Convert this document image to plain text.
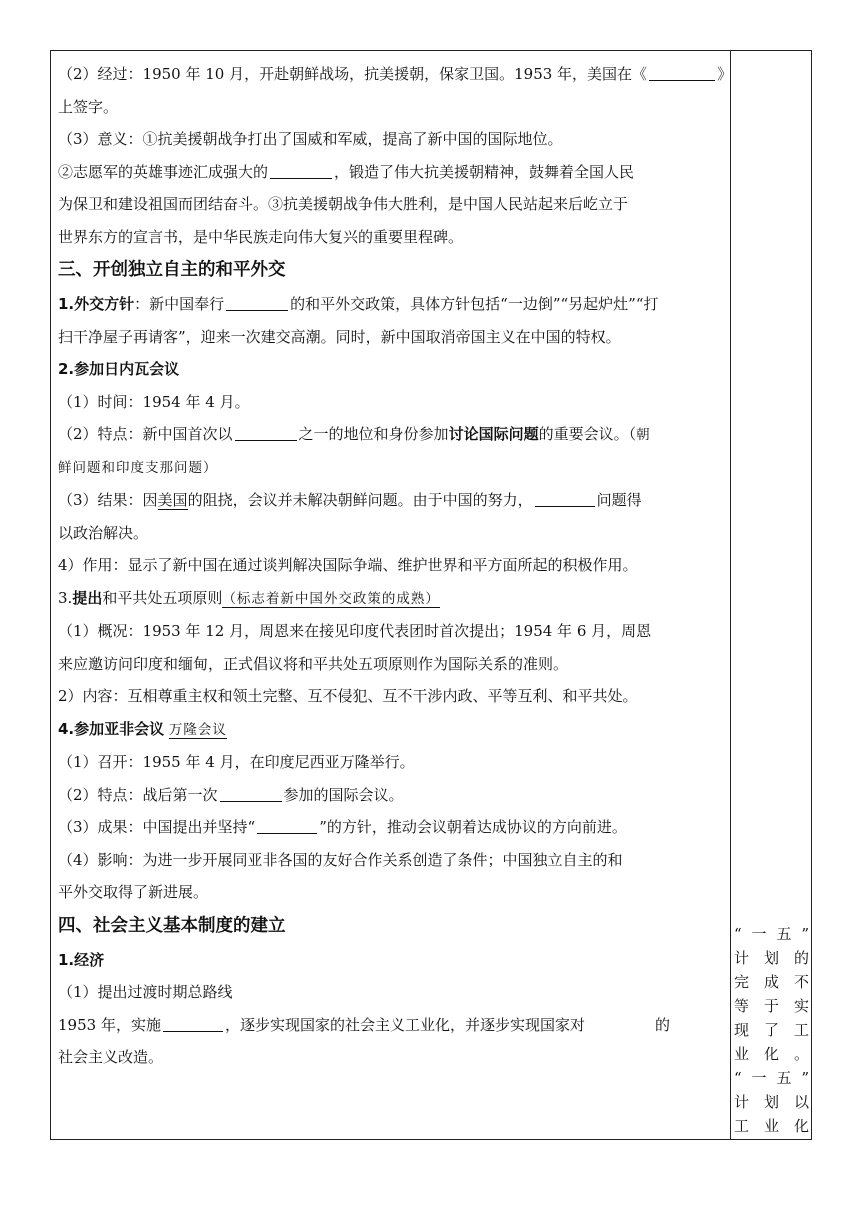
（2）经过：1950 年 10 月，开赴朝鲜战场，抗美援朝，保家卫国。1953 年，美国在《	》
上签字。
（3）意义：①抗美援朝战争打出了国威和军威，提高了新中国的国际地位。
②志愿军的英雄事迹汇成强大的	，锻造了伟大抗美援朝精神，鼓舞着全国人民
为保卫和建设祖国而团结奋斗。③抗美援朝战争伟大胜利，是中国人民站起来后屹立于
世界东方的宣言书，是中华民族走向伟大复兴的重要里程碑。
三、开创独立自主的和平外交
1.外交方针：新中国奉行	的和平外交政策，具体方针包括“一边倒”“另起炉灶”“打
扫干净屋子再请客”，迎来一次建交高潮。同时，新中国取消帝国主义在中国的特权。
2.参加日内瓦会议
（1）时间：1954 年 4 月。
（2）特点：新中国首次以	之一的地位和身份参加讨论国际问题的重要会议。（朝
鲜问题和印度支那问题）
（3）结果：因美国的阻挠，会议并未解决朝鲜问题。由于中国的努力，	问题得
以政治解决。
4）作用：显示了新中国在通过谈判解决国际争端、维护世界和平方面所起的积极作用。
3.提出和平共处五项原则（标志着新中国外交政策的成熟）
（1）概况：1953 年 12 月，周恩来在接见印度代表团时首次提出；1954 年 6 月，周恩
来应邀访问印度和缅甸，正式倡议将和平共处五项原则作为国际关系的准则。
2）内容：互相尊重主权和领土完整、互不侵犯、互不干涉内政、平等互利、和平共处。
4.参加亚非会议 万隆会议
（1）召开：1955 年 4 月，在印度尼西亚万隆举行。
（2）特点：战后第一次	参加的国际会议。
（3）成果：中国提出并坚持“	”的方针，推动会议朝着达成协议的方向前进。
（4）影响：为进一步开展同亚非各国的友好合作关系创造了条件；中国独立自主的和
平外交取得了新进展。
四、社会主义基本制度的建立
1.经济
（1）提出过渡时期总路线
1953 年，实施	，逐步实现国家的社会主义工业化，并逐步实现国家对	的
社会主义改造。
“一五”
计划的
完成不
等于实
现了工
业化。
“一五”
计划以
工业化
